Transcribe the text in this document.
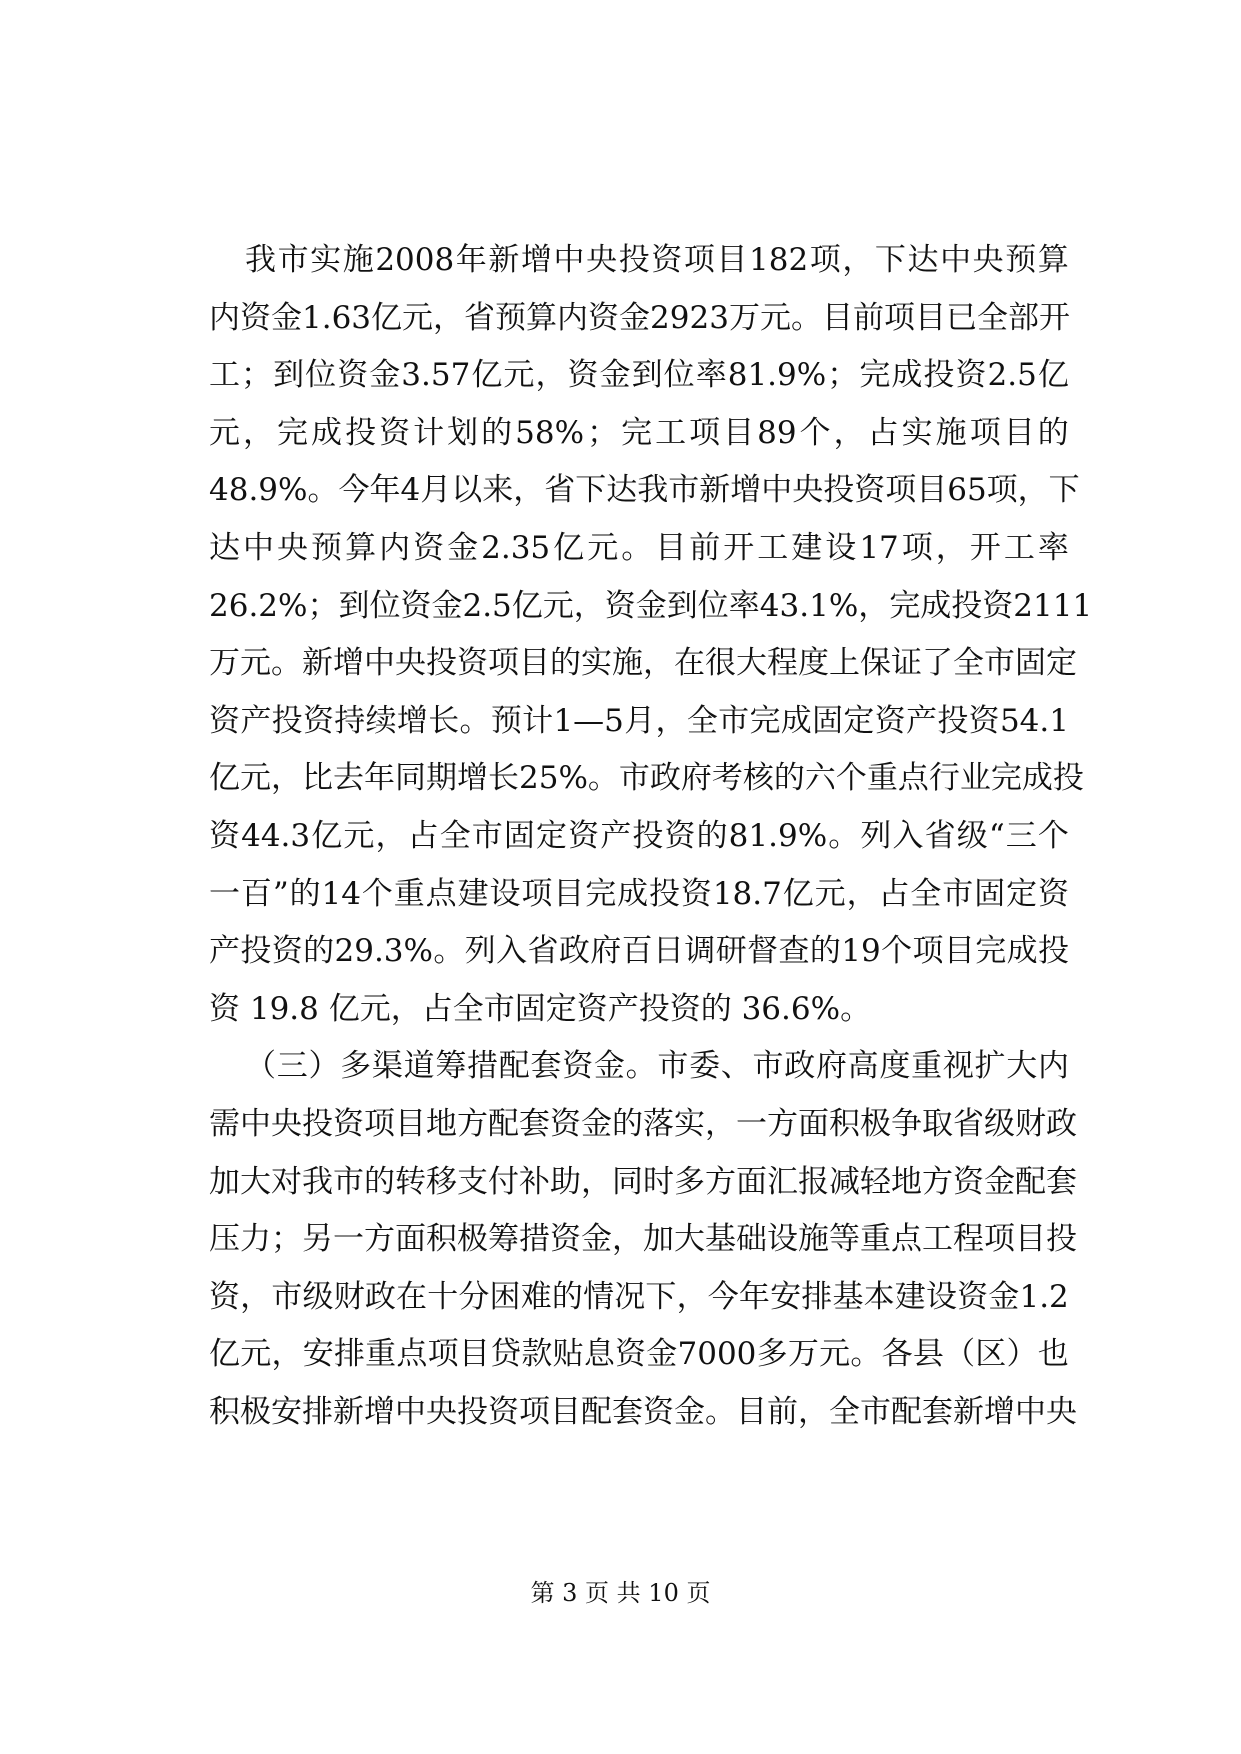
我 市 实 施 2008 年 新 增 中 央 投 资 项 目 182 项 ， 下 达 中 央 预 算
内 资 金 1.63 亿 元 ， 省 预 算 内 资 金 2923 万 元 。 目 前 项 目 已 全 部 开
工 ； 到 位 资 金 3.57 亿 元 ， 资 金 到 位 率 81.9% ； 完 成 投 资 2.5 亿
元 ， 完 成 投 资 计 划 的 58% ； 完 工 项 目 89 个 ， 占 实 施 项 目 的
48.9% 。 今 年 4 月 以 来 ， 省 下 达 我 市 新 增 中 央 投 资 项 目 65 项 ， 下
达 中 央 预 算 内 资 金 2.35 亿 元 。 目 前 开 工 建 设 17 项 ， 开 工 率
26.2% ； 到 位 资 金 2.5 亿 元 ， 资 金 到 位 率 43.1% ， 完 成 投 资 2111
万 元 。 新 增 中 央 投 资 项 目 的 实 施 ， 在 很 大 程 度 上 保 证 了 全 市 固 定
资 产 投 资 持 续 增 长 。 预 计 1—5 月 ， 全 市 完 成 固 定 资 产 投 资 54.1
亿 元 ， 比 去 年 同 期 增 长 25% 。 市 政 府 考 核 的 六 个 重 点 行 业 完 成 投
资 44.3 亿 元 ， 占 全 市 固 定 资 产 投 资 的 81.9% 。 列 入 省 级 “ 三 个
一 百 ” 的 14 个 重 点 建 设 项 目 完 成 投 资 18.7 亿 元 ， 占 全 市 固 定 资
产 投 资 的 29.3% 。 列 入 省 政 府 百 日 调 研 督 查 的 19 个 项 目 完 成 投
资 19.8 亿元，占全市固定资产投资的 36.6%。
（ 三 ） 多 渠 道 筹 措 配 套 资 金 。 市 委 、 市 政 府 高 度 重 视 扩 大 内
需 中 央 投 资 项 目 地 方 配 套 资 金 的 落 实 ， 一 方 面 积 极 争 取 省 级 财 政
加 大 对 我 市 的 转 移 支 付 补 助 ， 同 时 多 方 面 汇 报 减 轻 地 方 资 金 配 套
压 力 ； 另 一 方 面 积 极 筹 措 资 金 ， 加 大 基 础 设 施 等 重 点 工 程 项 目 投
资 ， 市 级 财 政 在 十 分 困 难 的 情 况 下 ， 今 年 安 排 基 本 建 设 资 金 1.2
亿 元 ， 安 排 重 点 项 目 贷 款 贴 息 资 金 7000 多 万 元 。 各 县 （ 区 ） 也
积 极 安 排 新 增 中 央 投 资 项 目 配 套 资 金 。 目 前 ， 全 市 配 套 新 增 中 央
第 3 页 共 10 页
